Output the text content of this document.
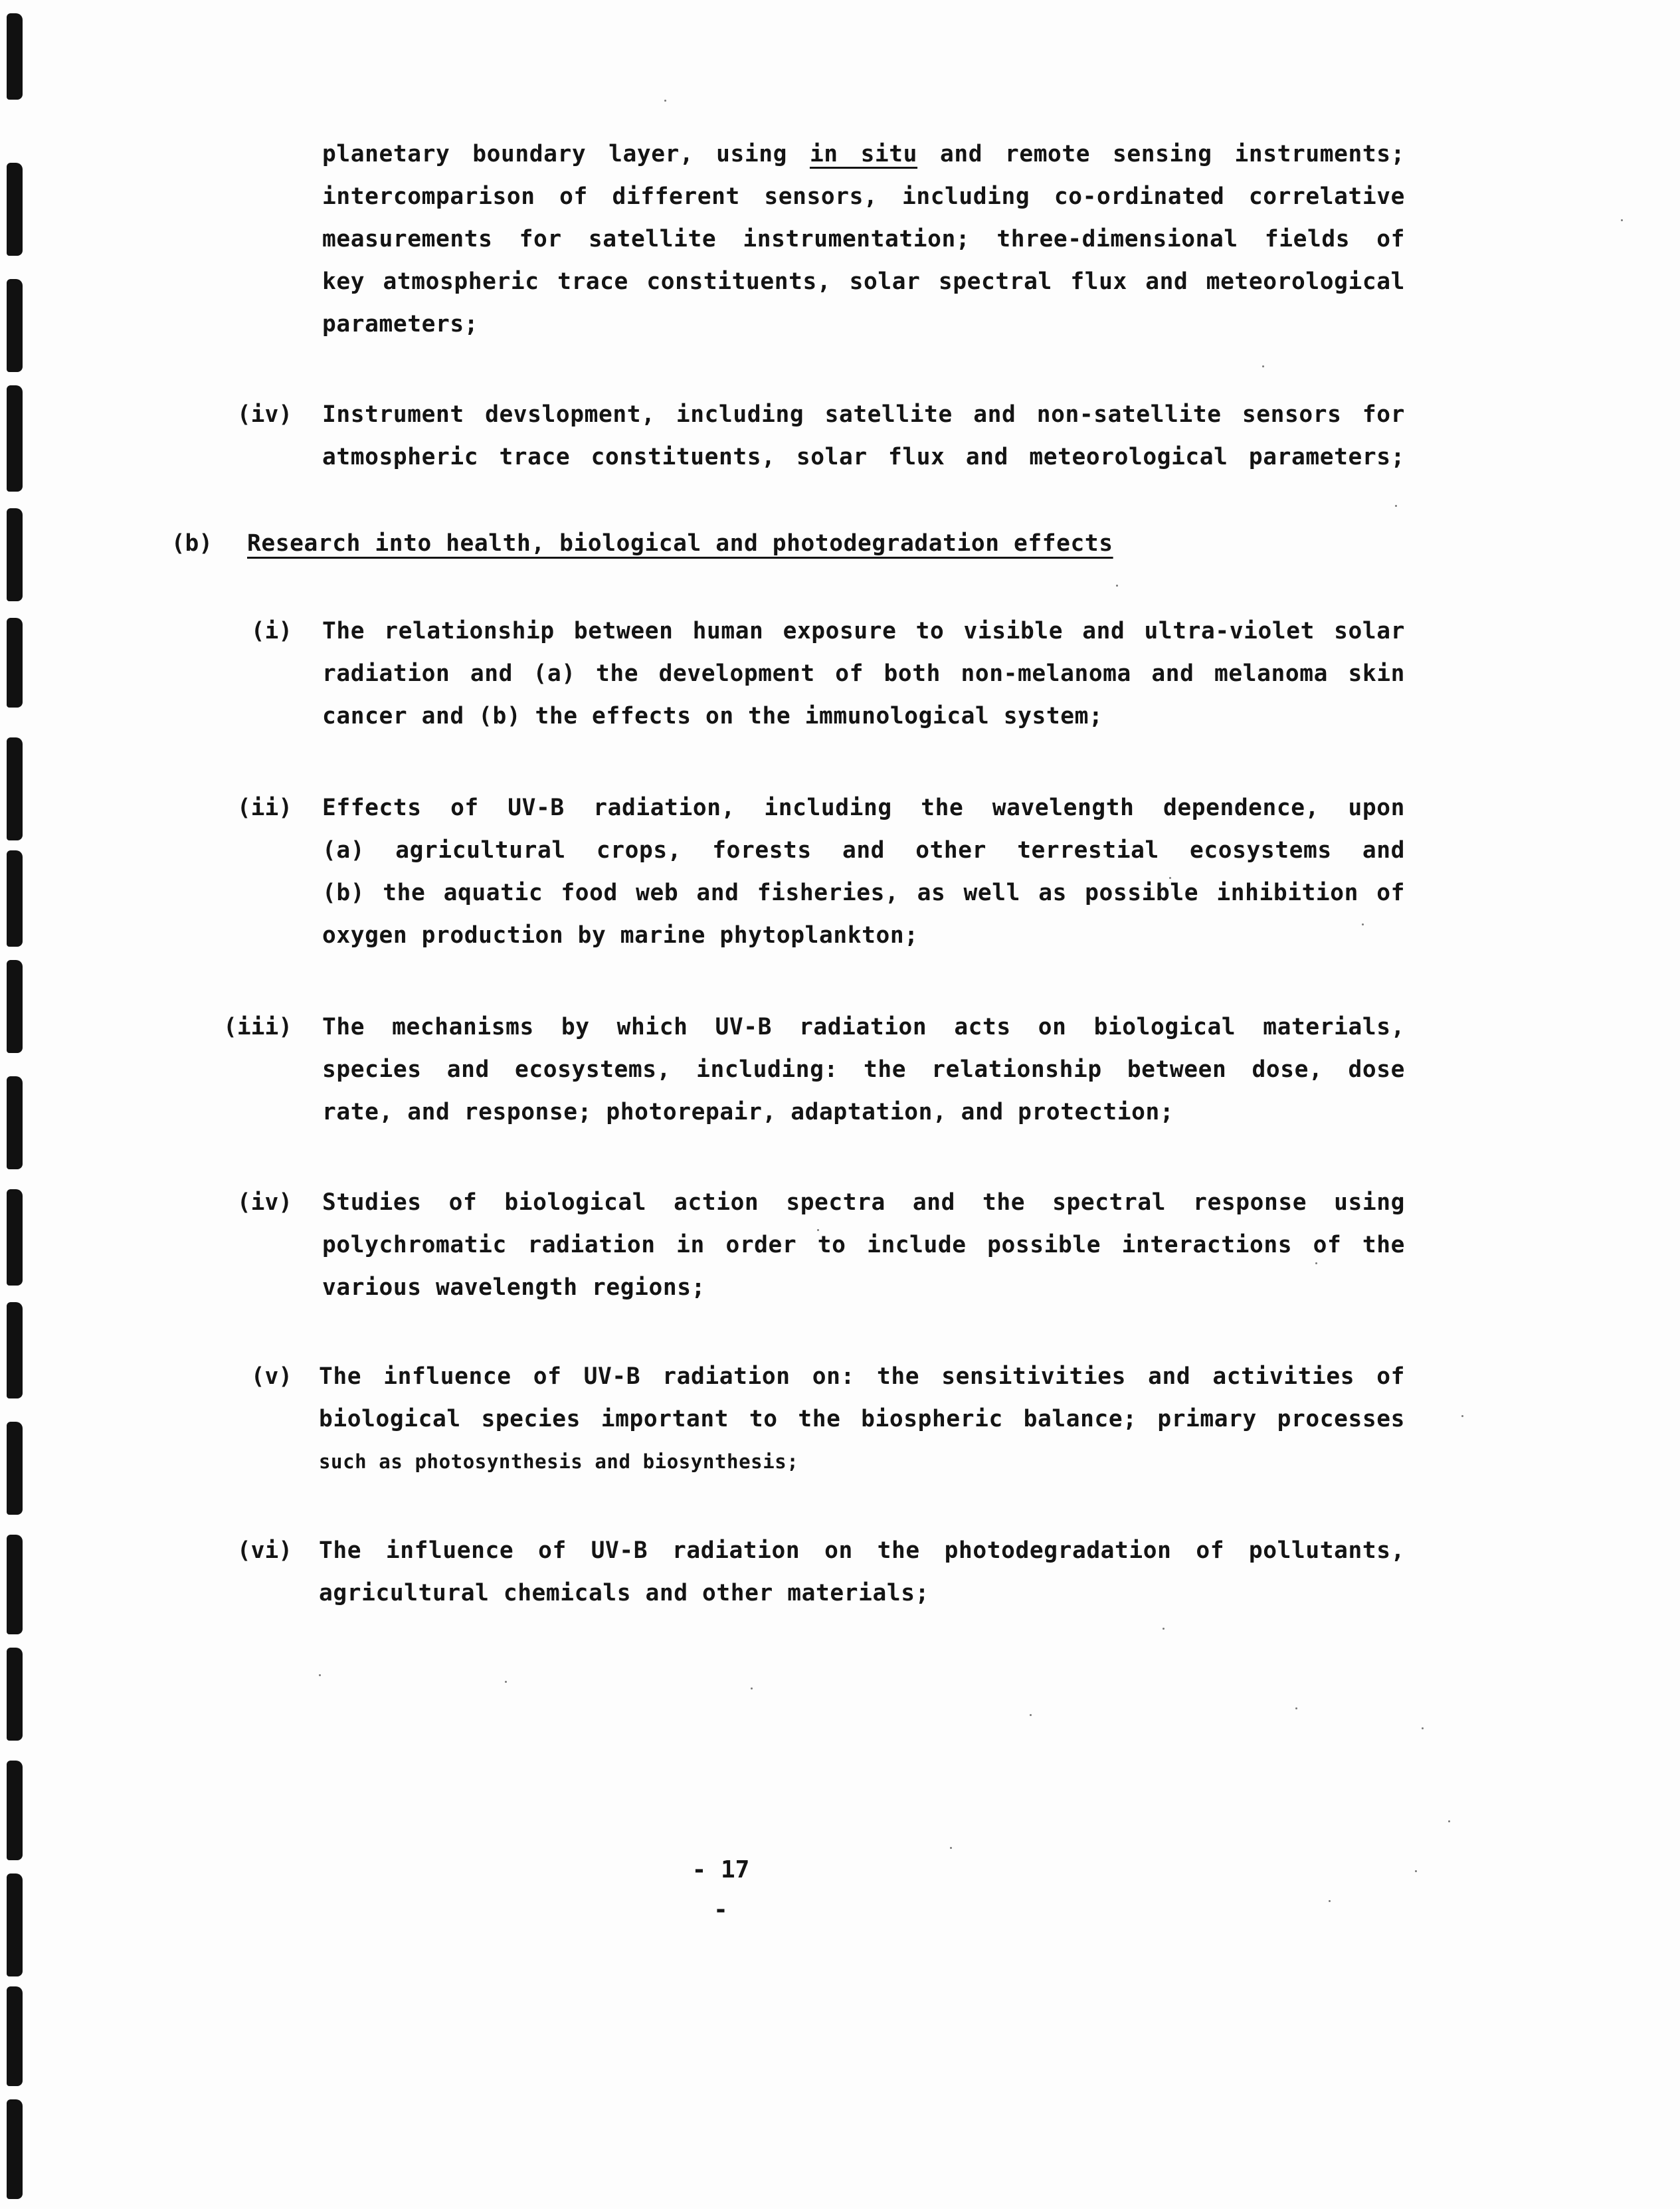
planetary boundary layer, using in situ and remote sensing instruments;
intercomparison of different sensors, including co-ordinated correlative
measurements for satellite instrumentation; three-dimensional fields of
key atmospheric trace constituents, solar spectral flux and meteorological
parameters;
(iv) Instrument devslopment, including satellite and non-satellite sensors for
atmospheric trace constituents, solar flux and meteorological parameters;
(b) Research into health, biological and photodegradation effects
(i) The relationship between human exposure to visible and ultra-violet solar
radiation and (a) the development of both non-melanoma and melanoma skin
cancer and (b) the effects on the immunological system;
(ii) Effects of UV-B radiation, including the wavelength dependence, upon
(a) agricultural crops, forests and other terrestial ecosystems and
(b) the aquatic food web and fisheries, as well as possible inhibition of
oxygen production by marine phytoplankton;
(iii) The mechanisms by which UV-B radiation acts on biological materials,
species and ecosystems, including: the relationship between dose, dose
rate, and response; photorepair, adaptation, and protection;
(iv) Studies of biological action spectra and the spectral response using
polychromatic radiation in order to include possible interactions of the
various wavelength regions;
(v) The influence of UV-B radiation on: the sensitivities and activities of
biological species important to the biospheric balance; primary processes
such as photosynthesis and biosynthesis;
(vi) The influence of UV-B radiation on the photodegradation of pollutants,
agricultural chemicals and other materials;
- 17 -
